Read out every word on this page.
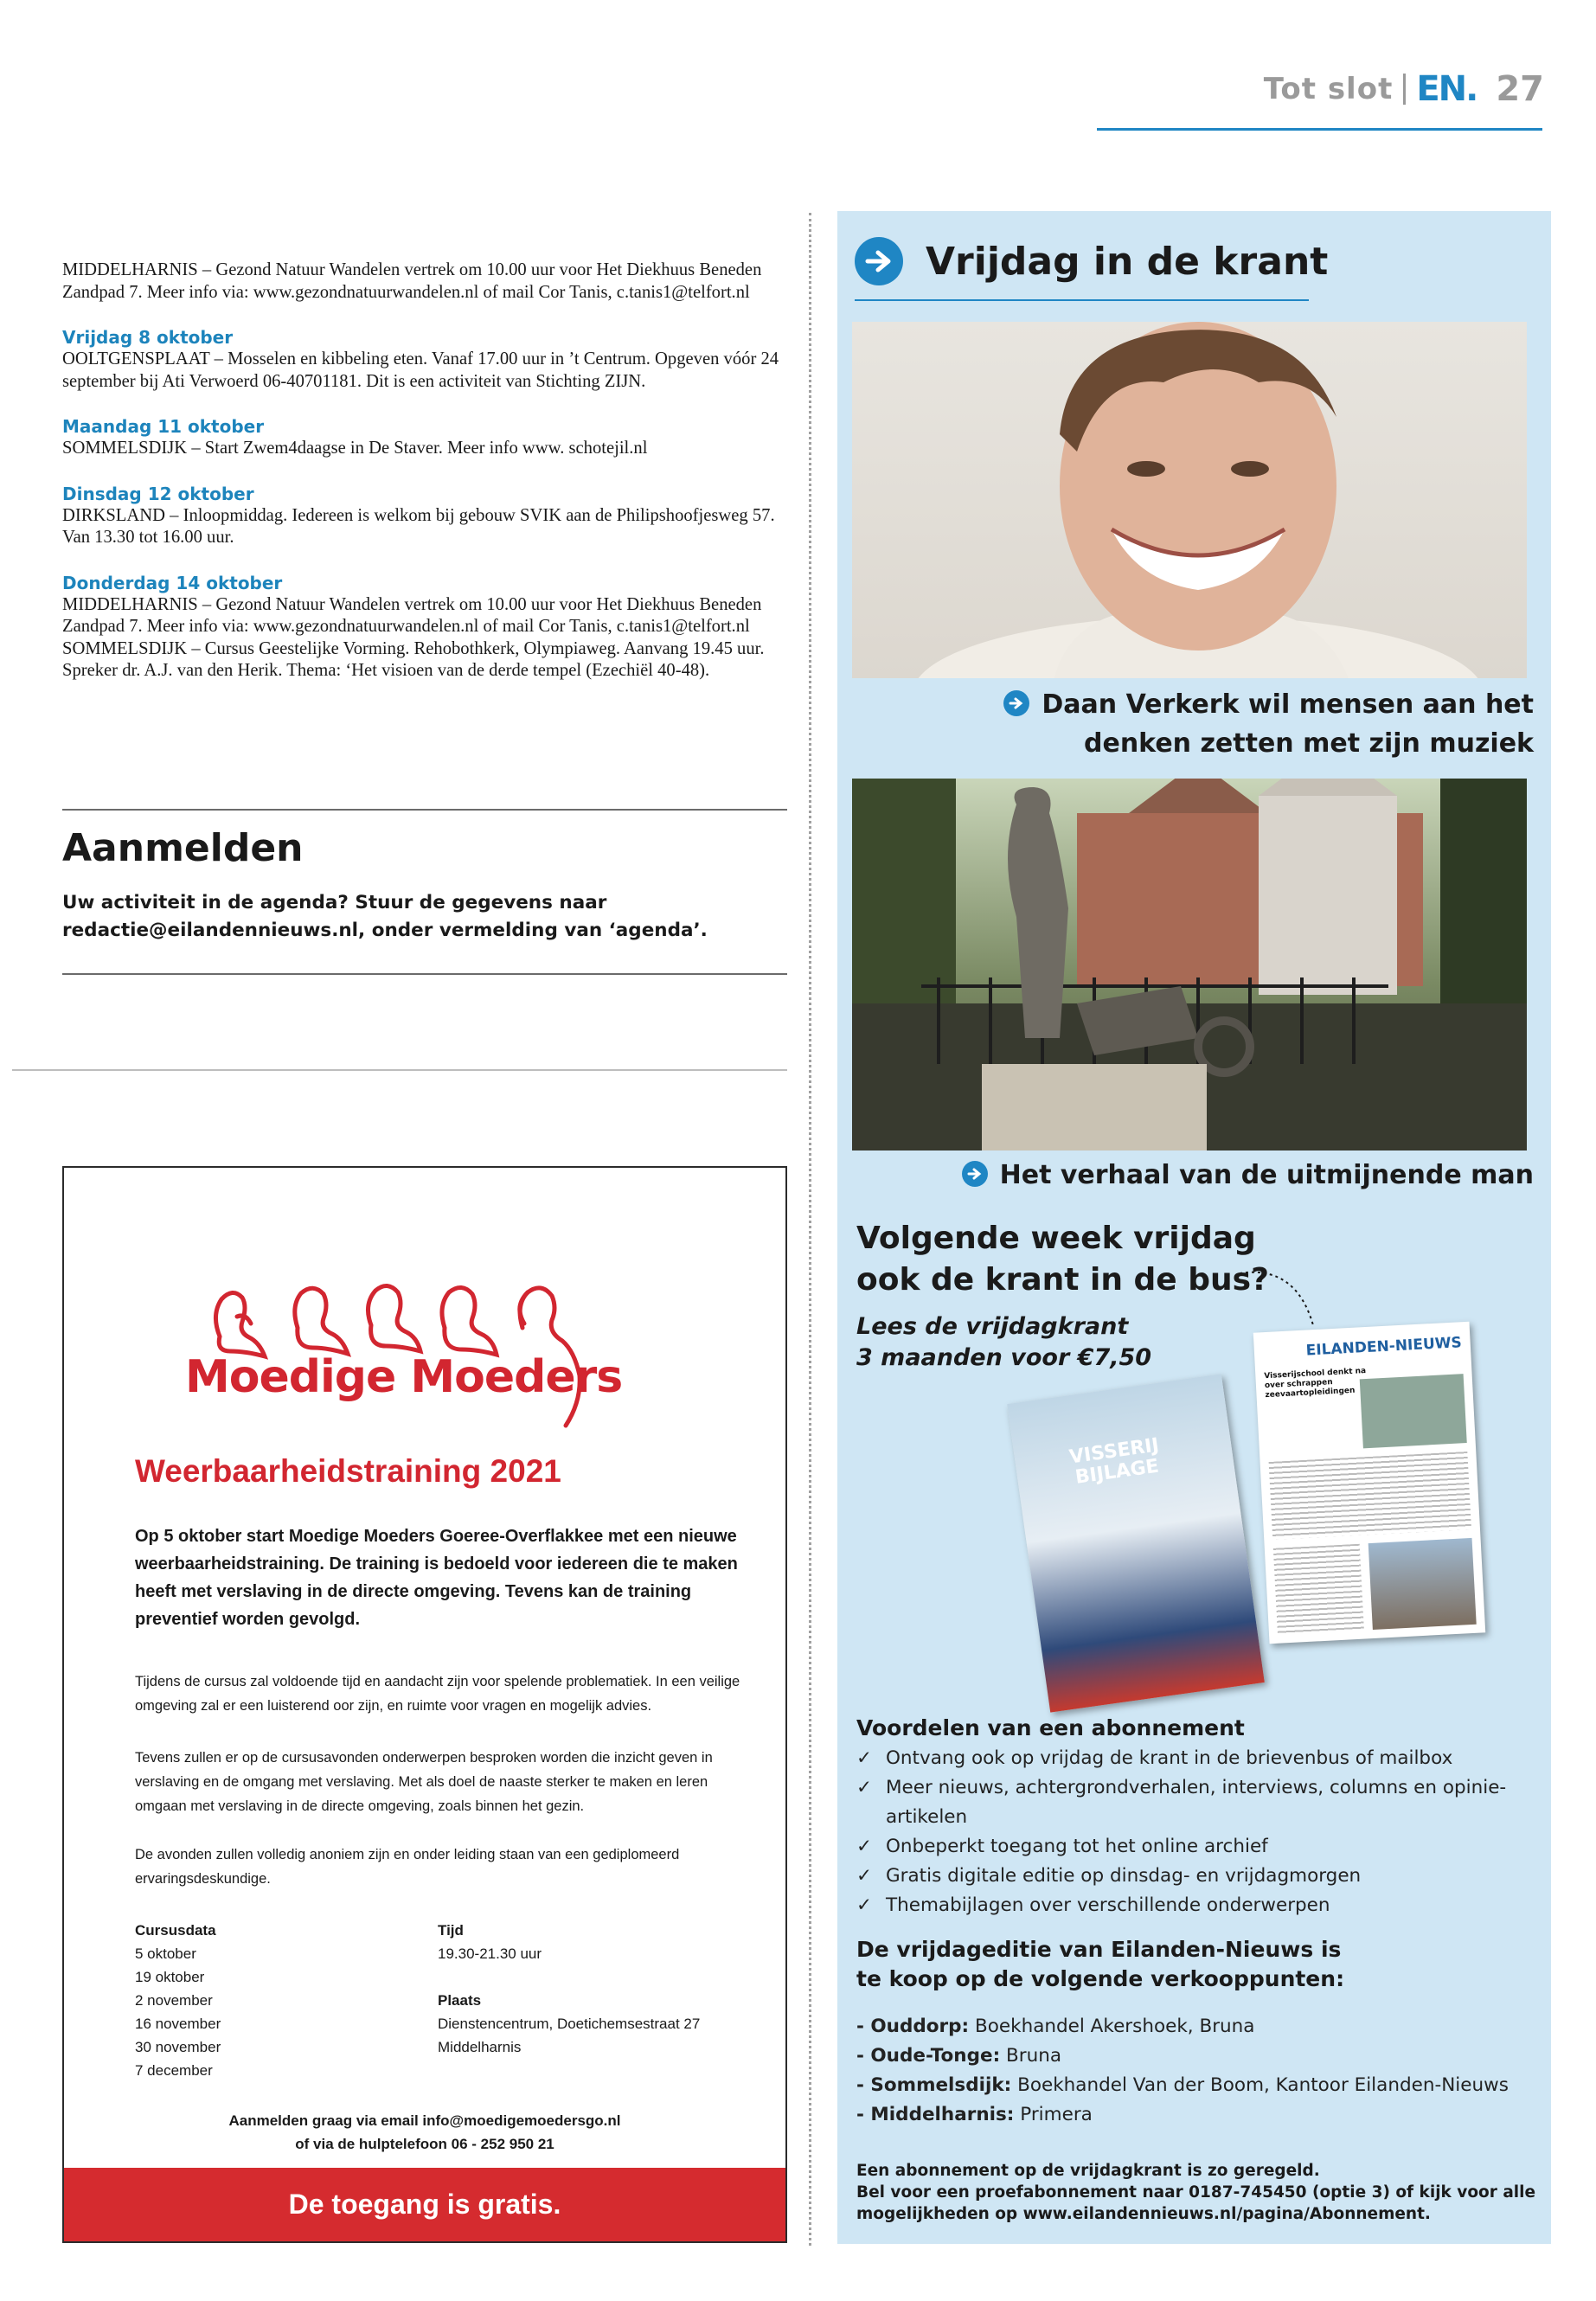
Tot slot EN. 27
MIDDELHARNIS – Gezond Natuur Wandelen vertrek om 10.00 uur voor Het Diekhuus Beneden Zandpad 7. Meer info via: www.gezondnatuurwandelen.nl of mail Cor Tanis, c.tanis1@telfort.nl
Vrijdag 8 oktober
OOLTGENSPLAAT – Mosselen en kibbeling eten. Vanaf 17.00 uur in ’t Centrum. Opgeven vóór 24 september bij Ati Verwoerd 06-40701181. Dit is een activiteit van Stichting ZIJN.
Maandag 11 oktober
SOMMELSDIJK – Start Zwem4daagse in De Staver. Meer info www. schotejil.nl
Dinsdag 12 oktober
DIRKSLAND – Inloopmiddag. Iedereen is welkom bij gebouw SVIK aan de Philipshoofjesweg 57. Van 13.30 tot 16.00 uur.
Donderdag 14 oktober
MIDDELHARNIS – Gezond Natuur Wandelen vertrek om 10.00 uur voor Het Diekhuus Beneden Zandpad 7. Meer info via: www.gezondnatuurwandelen.nl of mail Cor Tanis, c.tanis1@telfort.nl
SOMMELSDIJK – Cursus Geestelijke Vorming. Rehobothkerk, Olympiaweg. Aanvang 19.45 uur. Spreker dr. A.J. van den Herik. Thema: ‘Het visioen van de derde tempel (Ezechiël 40-48).
Aanmelden
Uw activiteit in de agenda? Stuur de gegevens naar redactie@eilandennieuws.nl, onder vermelding van ‘agenda’.
Moedige Moeders
Weerbaarheidstraining 2021
Op 5 oktober start Moedige Moeders Goeree-Overflakkee met een nieuwe weerbaarheidstraining. De training is bedoeld voor iedereen die te maken heeft met verslaving in de directe omgeving. Tevens kan de training preventief worden gevolgd.
Tijdens de cursus zal voldoende tijd en aandacht zijn voor spelende problematiek. In een veilige omgeving zal er een luisterend oor zijn, en ruimte voor vragen en mogelijk advies.
Tevens zullen er op de cursusavonden onderwerpen besproken worden die inzicht geven in verslaving en de omgang met verslaving. Met als doel de naaste sterker te maken en leren omgaan met verslaving in de directe omgeving, zoals binnen het gezin.
De avonden zullen volledig anoniem zijn en onder leiding staan van een gediplomeerd ervaringsdeskundige.
Cursusdata
5 oktober
19 oktober
2 november
16 november
30 november
7 december
Tijd
19.30-21.30 uur

Plaats
Dienstencentrum, Doetichemsestraat 27
Middelharnis
Aanmelden graag via email info@moedigemoedersgo.nl
of via de hulptelefoon 06 - 252 950 21
De toegang is gratis.
Vrijdag in de krant
Daan Verkerk wil mensen aan het
denken zetten met zijn muziek
Het verhaal van de uitmijnende man
Volgende week vrijdag
ook de krant in de bus?
Lees de vrijdagkrant
3 maanden voor €7,50
VISSERIJ BIJLAGE
EILANDEN-NIEUWS
Visserijschool denkt na over schrappen zeevaartopleidingen
Voordelen van een abonnement
✓ Ontvang ook op vrijdag de krant in de brievenbus of mailbox
✓ Meer nieuws, achtergrondverhalen, interviews, columns en opinie-artikelen
✓ Onbeperkt toegang tot het online archief
✓ Gratis digitale editie op dinsdag- en vrijdagmorgen
✓ Themabijlagen over verschillende onderwerpen
De vrijdageditie van Eilanden-Nieuws is
te koop op de volgende verkooppunten:
- Ouddorp: Boekhandel Akershoek, Bruna
- Oude-Tonge: Bruna
- Sommelsdijk: Boekhandel Van der Boom, Kantoor Eilanden-Nieuws
- Middelharnis: Primera
Een abonnement op de vrijdagkrant is zo geregeld.
Bel voor een proefabonnement naar 0187-745450 (optie 3) of kijk voor alle
mogelijkheden op www.eilandennieuws.nl/pagina/Abonnement.
